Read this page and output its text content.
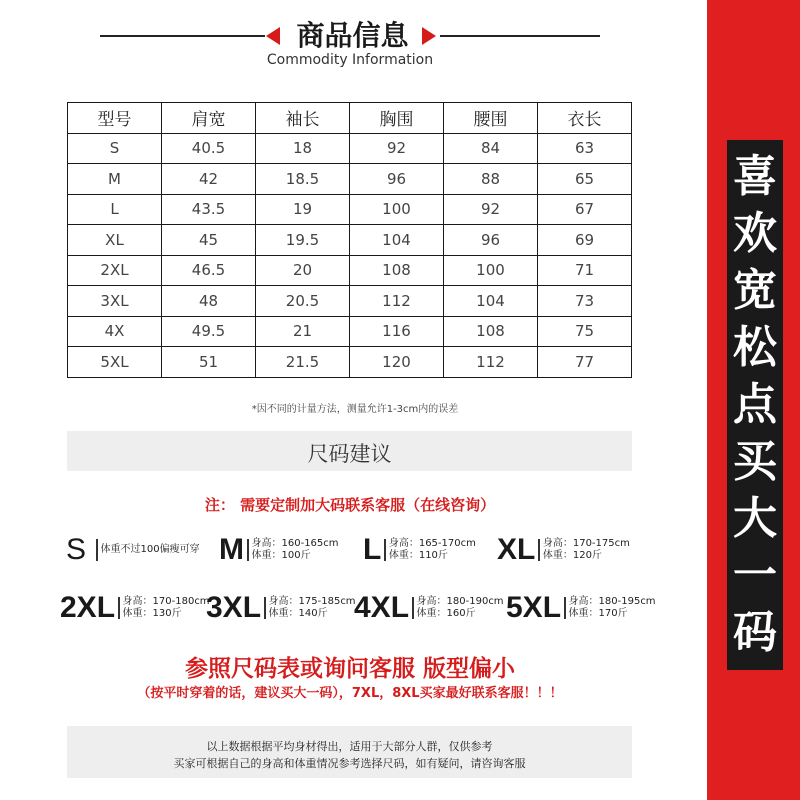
商品信息
Commodity Information
型号	肩宽	袖长	胸围	腰围	衣长
S	40.5	18	92	84	63
M	42	18.5	96	88	65
L	43.5	19	100	92	67
XL	45	19.5	104	96	69
2XL	46.5	20	108	100	71
3XL	48	20.5	112	104	73
4X	49.5	21	116	108	75
5XL	51	21.5	120	112	77
*因不同的计量方法，测量允许1-3cm内的误差
尺码建议
注： 需要定制加大码联系客服（在线咨询）
S 体重不过100偏瘦可穿 M 身高：160-165cm
体重：100斤	L 身高：165-170cm
体重：110斤	XL 身高：170-175cm
体重：120斤
2XL 身高：170-180cm
体重：130斤 3XL 身高：175-185cm
体重：140斤 4XL 身高：180-190cm
体重：160斤	5XL 身高：180-195cm
体重：170斤
参照尺码表或询问客服 版型偏小
（按平时穿着的话，建议买大一码），7XL，8XL买家最好联系客服！！！
以上数据根据平均身材得出，适用于大部分人群，仅供参考
买家可根据自己的身高和体重情况参考选择尺码，如有疑问，请咨询客服
喜
欢
宽
松
点
买
大
一
码
